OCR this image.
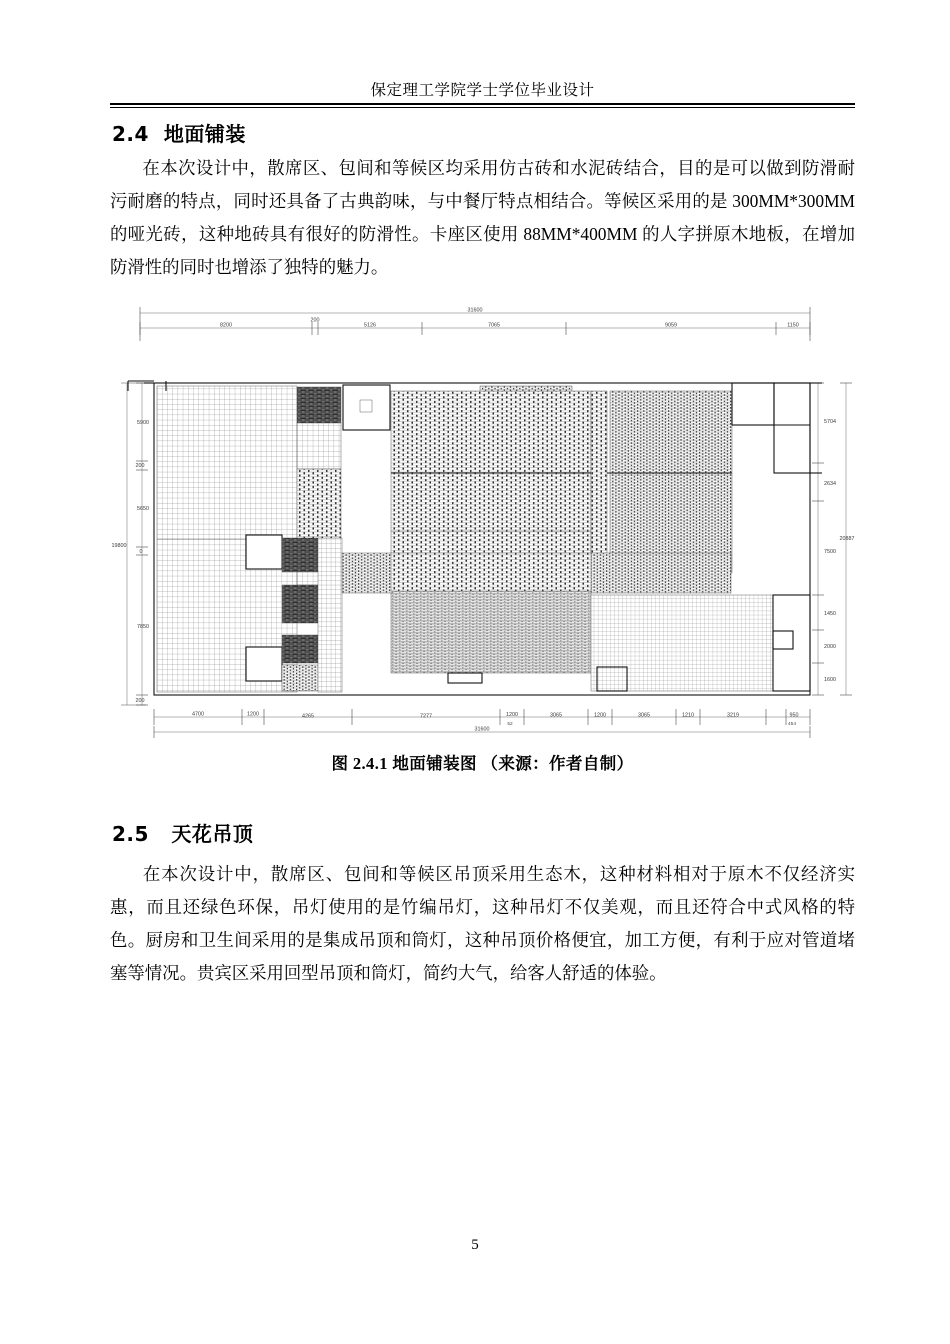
保定理工学院学士学位毕业设计
2.4  地面铺装
在本次设计中，散席区、包间和等候区均采用仿古砖和水泥砖结合，目的是可以做到防滑耐污耐磨的特点，同时还具备了古典韵味，与中餐厅特点相结合。等候区采用的是 300MM*300MM 的哑光砖，这种地砖具有很好的防滑性。卡座区使用 88MM*400MM 的人字拼原木地板，在增加防滑性的同时也增添了独特的魅力。
31600
8200
200
5126	7065	9059	1150
19800
5900
200
5650
0
7850
200
5704
2634
7500
1450
2000
1600
20887
4700	1200	4265	7277	1200
52
3065	1200	3065	1210	3219	950
454
31600
图 2.4.1 地面铺装图 （来源：作者自制）
2.5   天花吊顶
在本次设计中，散席区、包间和等候区吊顶采用生态木，这种材料相对于原木不仅经济实惠，而且还绿色环保，吊灯使用的是竹编吊灯，这种吊灯不仅美观，而且还符合中式风格的特色。厨房和卫生间采用的是集成吊顶和筒灯，这种吊顶价格便宜，加工方便，有利于应对管道堵塞等情况。贵宾区采用回型吊顶和筒灯，简约大气，给客人舒适的体验。
5
